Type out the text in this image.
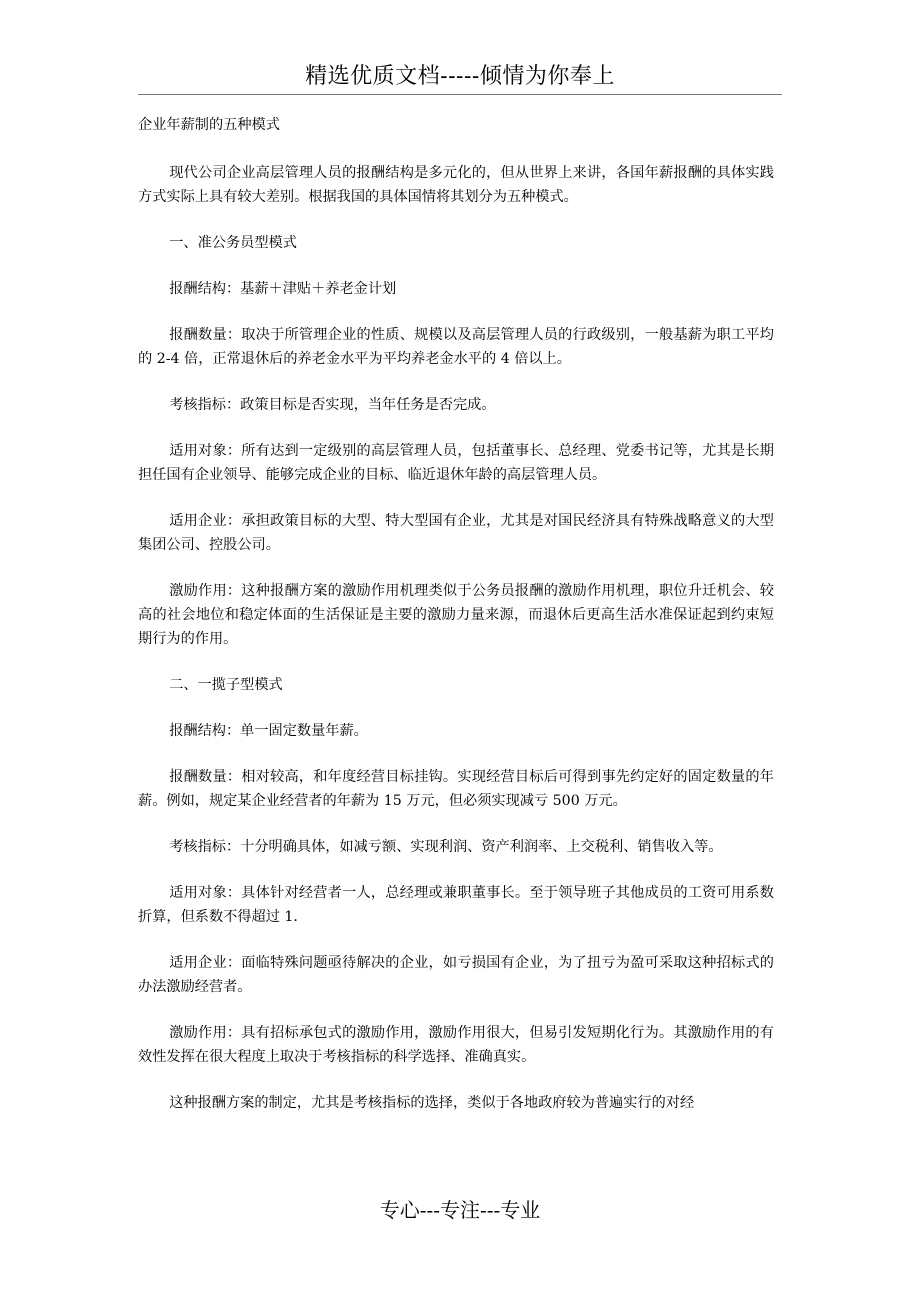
精选优质文档-----倾情为你奉上

企业年薪制的五种模式

现代公司企业高层管理人员的报酬结构是多元化的，但从世界上来讲，各国年薪报酬的具体实践方式实际上具有较大差别。根据我国的具体国情将其划分为五种模式。

一、准公务员型模式

报酬结构：基薪＋津贴＋养老金计划

报酬数量：取决于所管理企业的性质、规模以及高层管理人员的行政级别，一般基薪为职工平均的 2-4 倍，正常退休后的养老金水平为平均养老金水平的 4 倍以上。

考核指标：政策目标是否实现，当年任务是否完成。

适用对象：所有达到一定级别的高层管理人员，包括董事长、总经理、党委书记等，尤其是长期担任国有企业领导、能够完成企业的目标、临近退休年龄的高层管理人员。

适用企业：承担政策目标的大型、特大型国有企业，尤其是对国民经济具有特殊战略意义的大型集团公司、控股公司。

激励作用：这种报酬方案的激励作用机理类似于公务员报酬的激励作用机理，职位升迁机会、较高的社会地位和稳定体面的生活保证是主要的激励力量来源，而退休后更高生活水准保证起到约束短期行为的作用。

二、一揽子型模式

报酬结构：单一固定数量年薪。

报酬数量：相对较高，和年度经营目标挂钩。实现经营目标后可得到事先约定好的固定数量的年薪。例如，规定某企业经营者的年薪为 15 万元，但必须实现减亏 500 万元。

考核指标：十分明确具体，如减亏额、实现利润、资产利润率、上交税利、销售收入等。

适用对象：具体针对经营者一人，总经理或兼职董事长。至于领导班子其他成员的工资可用系数折算，但系数不得超过 1.

适用企业：面临特殊问题亟待解决的企业，如亏损国有企业，为了扭亏为盈可采取这种招标式的办法激励经营者。

激励作用：具有招标承包式的激励作用，激励作用很大，但易引发短期化行为。其激励作用的有效性发挥在很大程度上取决于考核指标的科学选择、准确真实。

这种报酬方案的制定，尤其是考核指标的选择，类似于各地政府较为普遍实行的对经

专心---专注---专业
